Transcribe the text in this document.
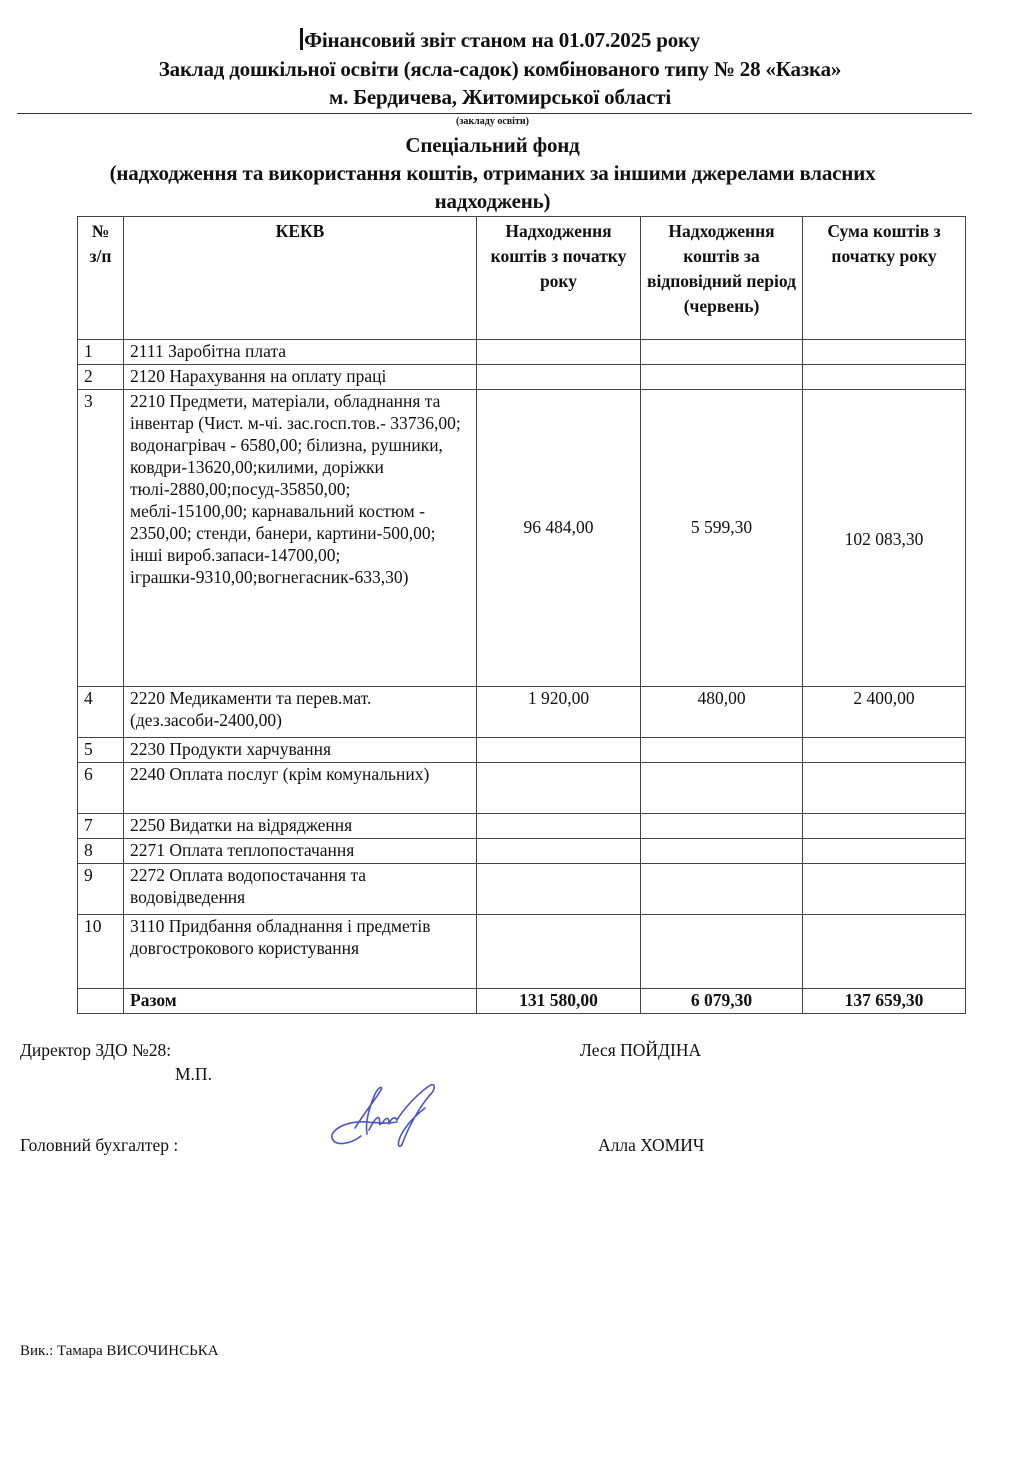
Фінансовий звіт станом на 01.07.2025 року
Заклад дошкільної освіти (ясла-садок) комбінованого типу № 28 «Казка»
м. Бердичева, Житомирської області
(закладу освіти)
Спеціальний фонд
(надходження та використання коштів, отриманих за іншими джерелами власних
надходжень)
№ з/п	КЕКВ	Надходження коштів з початку року	Надходження коштів за відповідний період (червень)	Сума коштів з початку року
1	2111 Заробітна плата			
2	2120 Нарахування на оплату праці			
3	2210 Предмети, матеріали, обладнання та інвентар (Чист. м-чі. зас.госп.тов.- 33736,00; водонагрівач - 6580,00; білизна, рушники, ковдри-13620,00;килими, доріжки тюлі-2880,00;посуд-35850,00; меблі-15100,00; карнавальний костюм - 2350,00; стенди, банери, картини-500,00; інші вироб.запаси-14700,00; іграшки-9310,00;вогнегасник-633,30)	96 484,00	5 599,30	102 083,30
4	2220 Медикаменти та перев.мат. (дез.засоби-2400,00)	1 920,00	480,00	2 400,00
5	2230 Продукти харчування			
6	2240 Оплата послуг (крім комунальних)			
7	2250 Видатки на відрядження			
8	2271 Оплата теплопостачання			
9	2272 Оплата водопостачання та водовідведення			
10	3110 Придбання обладнання і предметів довгострокового користування			
	Разом	131 580,00	6 079,30	137 659,30
Директор ЗДО №28:
М.П.
Леся ПОЙДІНА
Головний бухгалтер :	Алла ХОМИЧ
Вик.: Тамара ВИСОЧИНСЬКА
